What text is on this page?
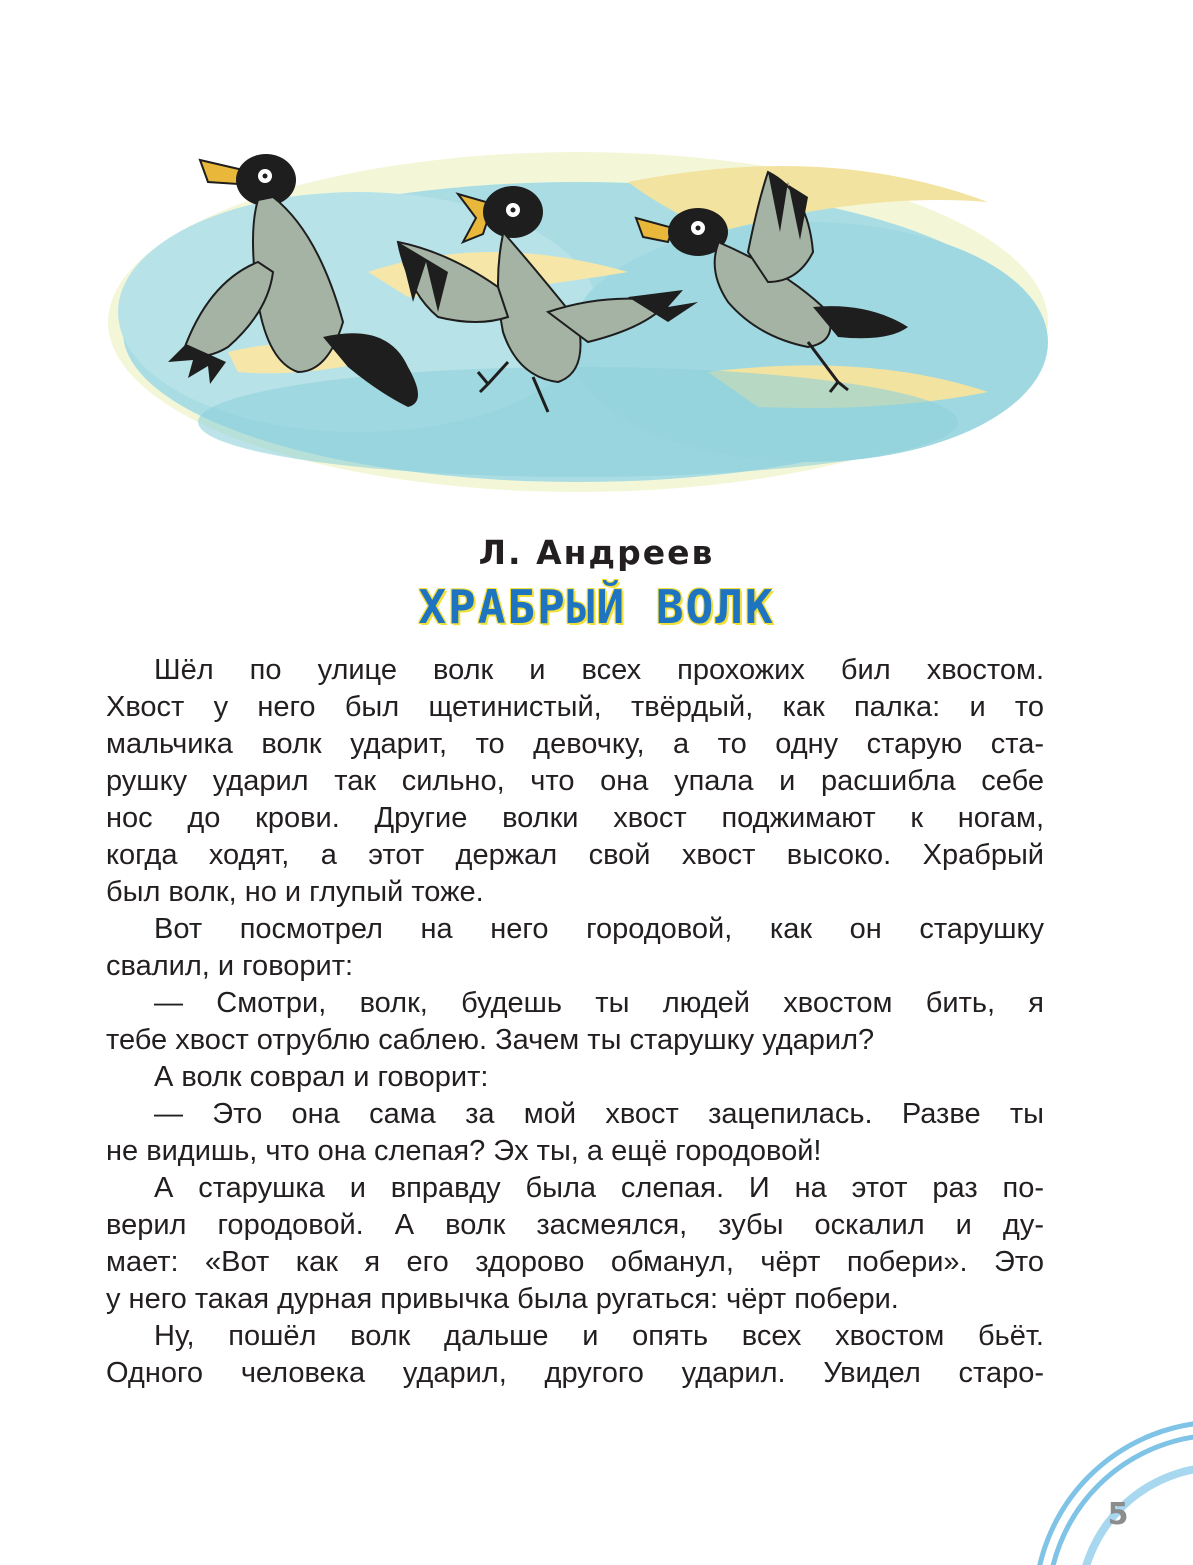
Л. Андреев
ХРАБРЫЙ ВОЛК
Шёл по улице волк и всех прохожих бил хвостом.
Хвост у него был щетинистый, твёрдый, как палка: и то
мальчика волк ударит, то девочку, а то одну старую ста-
рушку ударил так сильно, что она упала и расшибла себе
нос до крови. Другие волки хвост поджимают к ногам,
когда ходят, а этот держал свой хвост высоко. Храбрый
был волк, но и глупый тоже.
Вот посмотрел на него городовой, как он старушку
свалил, и говорит:
— Смотри, волк, будешь ты людей хвостом бить, я
тебе хвост отрублю саблею. Зачем ты старушку ударил?
А волк соврал и говорит:
— Это она сама за мой хвост зацепилась. Разве ты
не видишь, что она слепая? Эх ты, а ещё городовой!
А старушка и вправду была слепая. И на этот раз по-
верил городовой. А волк засмеялся, зубы оскалил и ду-
мает: «Вот как я его здорово обманул, чёрт побери». Это
у него такая дурная привычка была ругаться: чёрт побери.
Ну, пошёл волк дальше и опять всех хвостом бьёт.
Одного человека ударил, другого ударил. Увидел старо-
5
